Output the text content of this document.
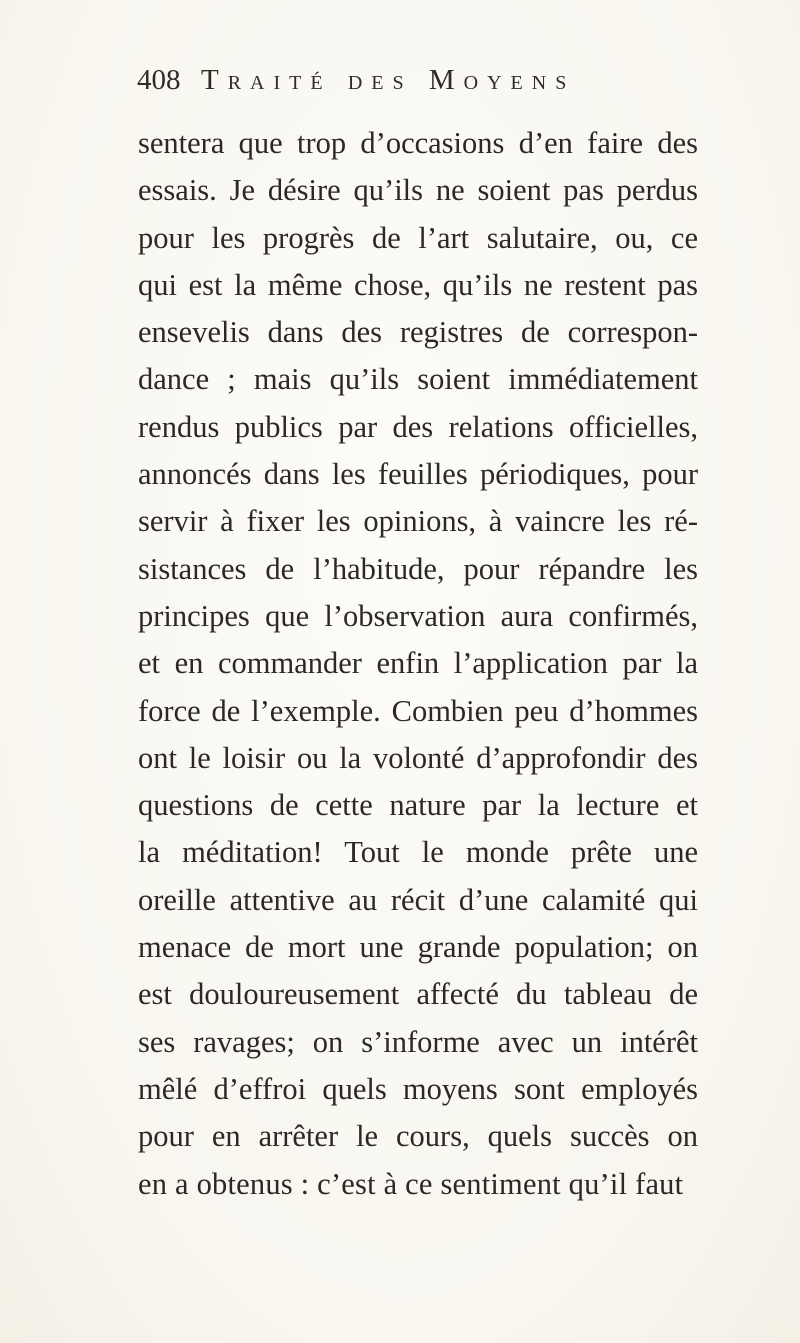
408 Traité des Moyens
sentera que trop d’occasions d’en faire des
essais. Je désire qu’ils ne soient pas perdus
pour les progrès de l’art salutaire, ou, ce
qui est la même chose, qu’ils ne restent pas
ensevelis dans des registres de correspon-
dance ; mais qu’ils soient immédiatement
rendus publics par des relations officielles,
annoncés dans les feuilles périodiques, pour
servir à fixer les opinions, à vaincre les ré-
sistances de l’habitude, pour répandre les
principes que l’observation aura confirmés,
et en commander enfin l’application par la
force de l’exemple. Combien peu d’hommes
ont le loisir ou la volonté d’approfondir des
questions de cette nature par la lecture et
la méditation! Tout le monde prête une
oreille attentive au récit d’une calamité qui
menace de mort une grande population; on
est douloureusement affecté du tableau de
ses ravages; on s’informe avec un intérêt
mêlé d’effroi quels moyens sont employés
pour en arrêter le cours, quels succès on
en a obtenus : c’est à ce sentiment qu’il faut
